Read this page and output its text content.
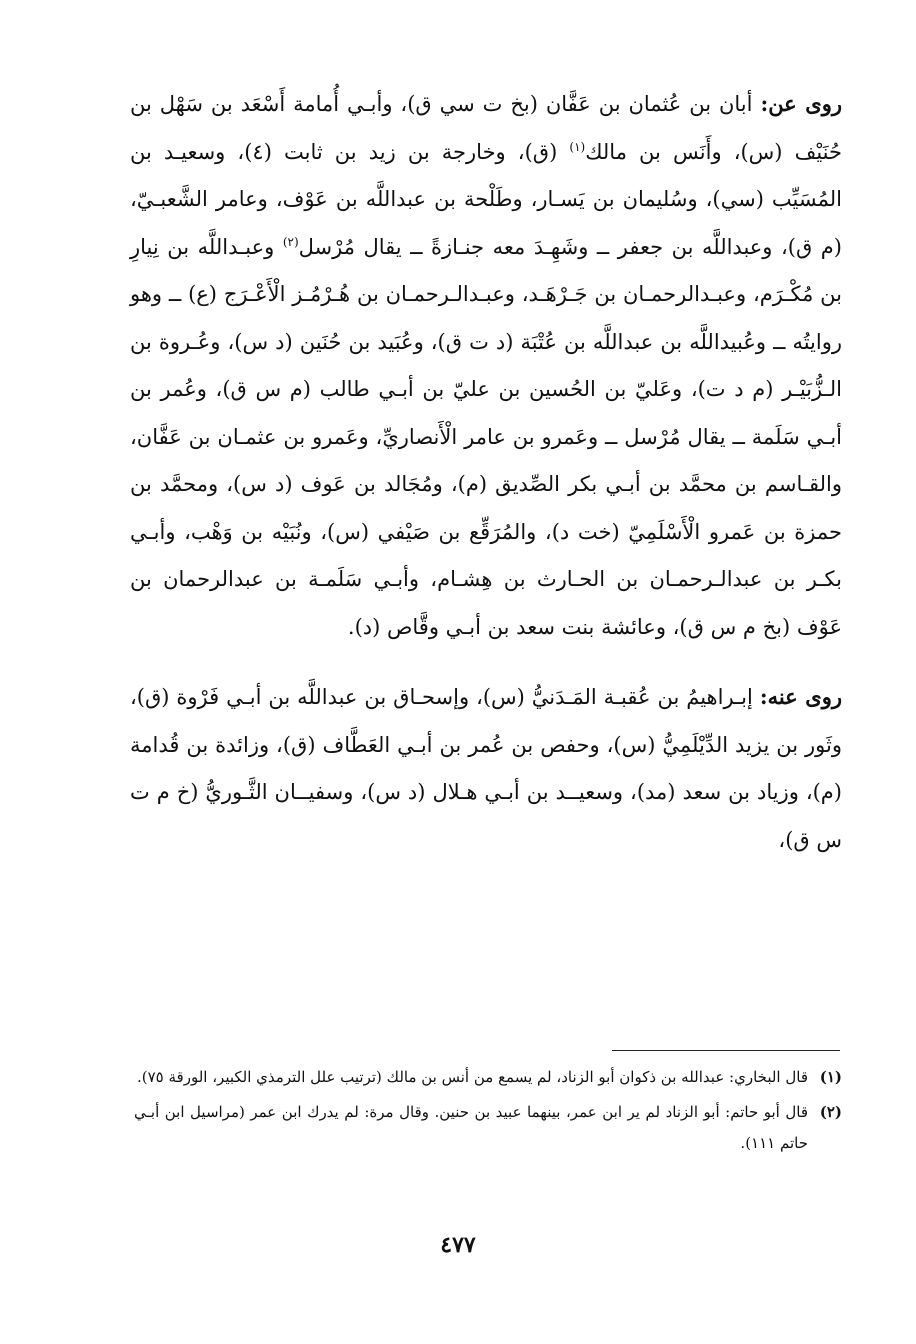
روى عن: أبان بن عُثمان بن عَفَّان (بخ ت سي ق)، وأبـي أُمامة أَسْعَد بن سَهْل بن حُنَيْف (س)، وأَنَس بن مالك$^{(١)}$ (ق)، وخارجة بن زيد بن ثابت (٤)، وسعيـد بن المُسَيِّب (سي)، وسُليمان بن يَسـار، وطَلْحة بن عبداللَّه بن عَوْف، وعامر الشَّعبـيّ، (م ق)، وعبداللَّه بن جعفر ــ وشَهِـدَ معه جنـازةً ــ يقال مُرْسل$^{(٢)}$ وعبـداللَّه بن نِيارِ بن مُكْـرَم، وعبـدالرحمـان بن جَـرْهَـد، وعبـدالـرحمـان بن هُـرْمُـز الْأَعْـرَج (ع) ــ وهو روايتُه ــ وعُبيداللَّه بن عبداللَّه بن عُتْبَة (د ت ق)، وعُبَيد بن حُنَين (د س)، وعُـروة بن الـزُّبَيْـر (م د ت)، وعَليّ بن الحُسين بن عليّ بن أبـي طالب (م س ق)، وعُمر بن أبـي سَلَمة ــ يقال مُرْسل ــ وعَمرو بن عامر الْأَنصاريِّ، وعَمرو بن عثمـان بن عَفَّان، والقـاسم بن محمَّد بن أبـي بكر الصِّديق (م)، ومُجَالد بن عَوف (د س)، ومحمَّد بن حمزة بن عَمرو الْأَسْلَمِيّ (خت د)، والمُرَقِّع بن صَيْفي (س)، ونُبَيْه بن وَهْب، وأبـي بكـر بن عبدالـرحمـان بن الحـارث بن هِشـام، وأبـي سَلَمـة بن عبدالرحمان بن عَوْف (بخ م س ق)، وعائشة بنت سعد بن أبـي وقَّاص (د).

روى عنه: إبـراهيمُ بن عُقبـة المَـدَنيُّ (س)، وإسحـاق بن عبداللَّه بن أبـي فَرْوة (ق)، وثَور بن يزيد الدِّيْلَمِيُّ (س)، وحفص بن عُمر بن أبـي العَطَّاف (ق)، وزائدة بن قُدامة (م)، وزياد بن سعد (مد)، وسعيــد بن أبـي هـلال (د س)، وسفيــان الثَّـوريُّ (خ م ت س ق)،

(١)
قال البخاري: عبدالله بن ذكوان أبو الزناد، لم يسمع من أنس بن مالك (ترتيب علل الترمذي الكبير، الورقة ٧٥).
(٢)
قال أبو حاتم: أبو الزناد لم ير ابن عمر، بينهما عبيد بن حنين. وقال مرة: لم يدرك ابن عمر (مراسيل ابن أبـي حاتم ١١١).
٤٧٧
